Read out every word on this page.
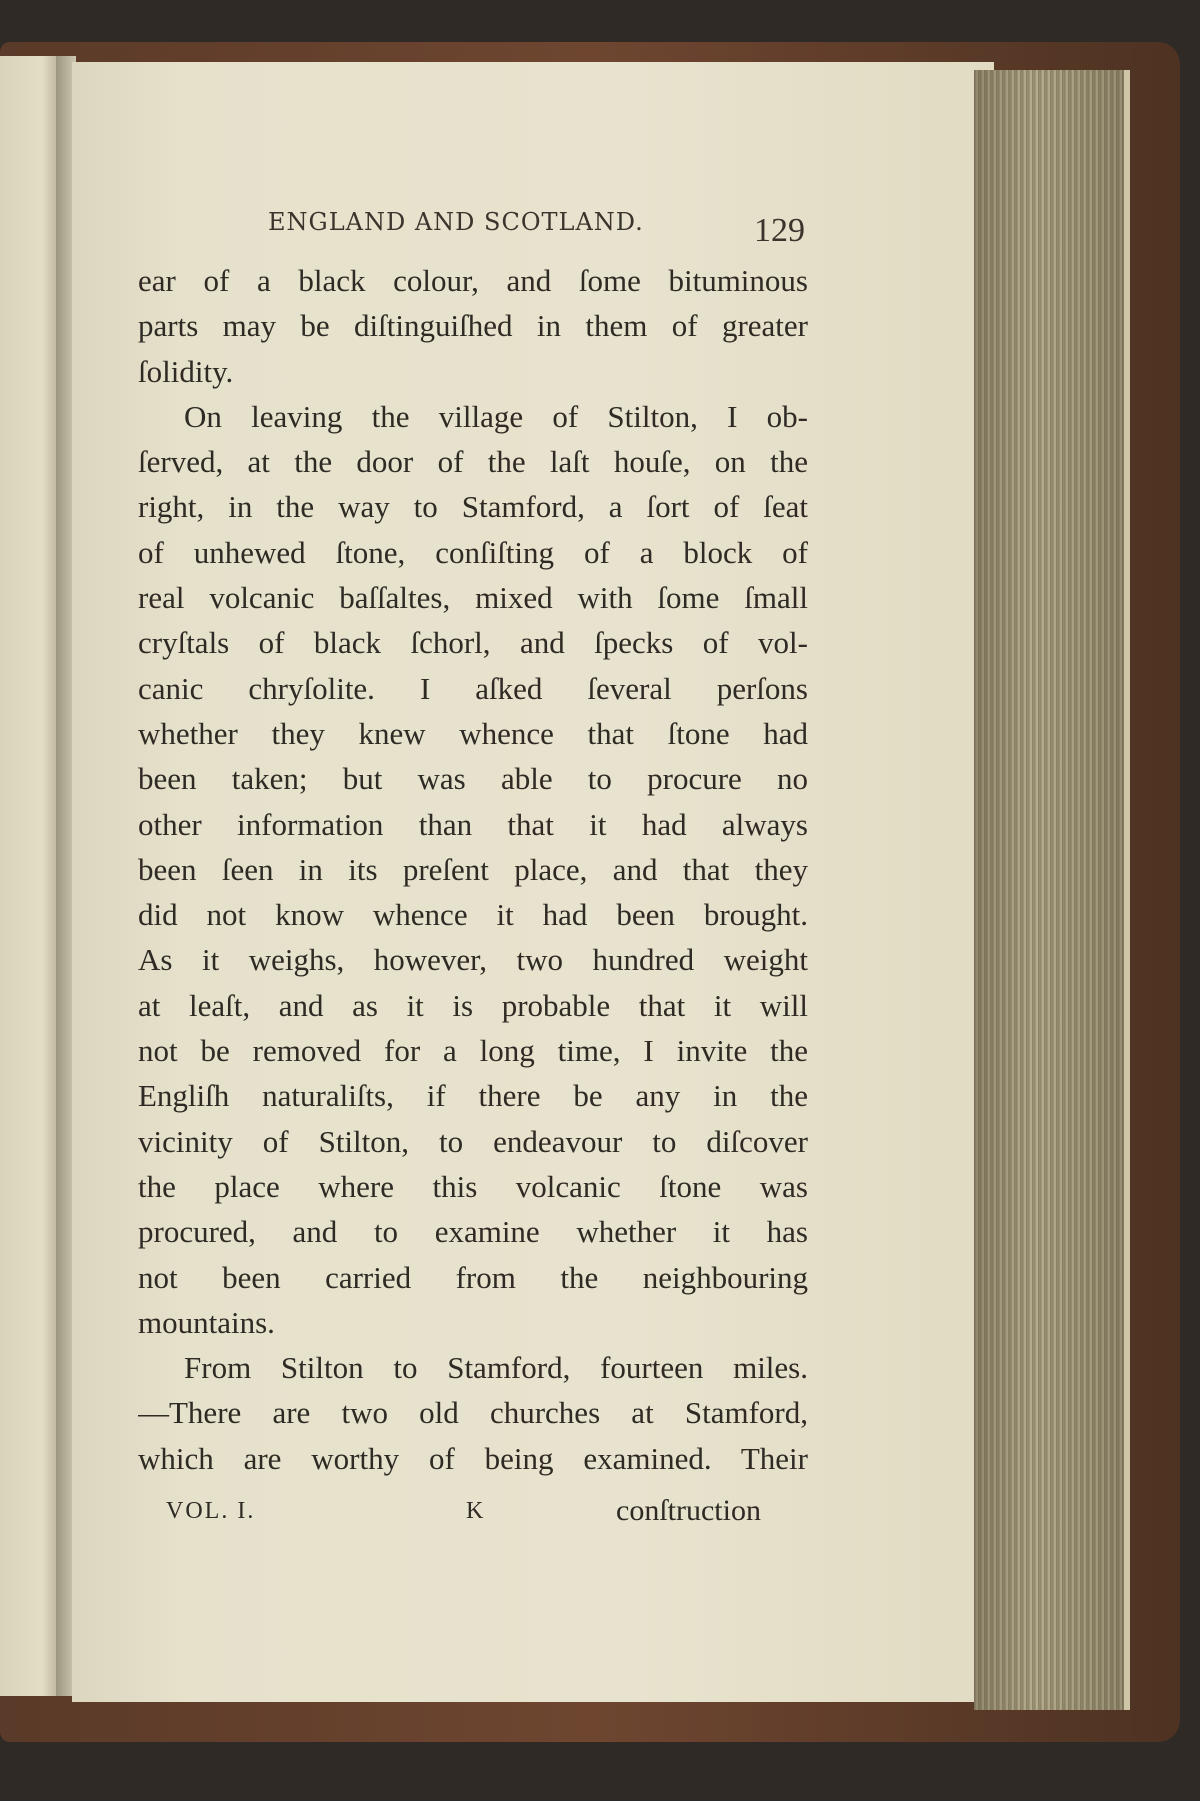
ENGLAND AND SCOTLAND.	129
ear of a black colour, and ſome bituminous
parts may be diſtinguiſhed in them of greater
ſolidity.
On leaving the village of Stilton, I ob-
ſerved, at the door of the laſt houſe, on the
right, in the way to Stamford, a ſort of ſeat
of unhewed ſtone, conſiſting of a block of
real volcanic baſſaltes, mixed with ſome ſmall
cryſtals of black ſchorl, and ſpecks of vol-
canic chryſolite. I aſked ſeveral perſons
whether they knew whence that ſtone had
been taken; but was able to procure no
other information than that it had always
been ſeen in its preſent place, and that they
did not know whence it had been brought.
As it weighs, however, two hundred weight
at leaſt, and as it is probable that it will
not be removed for a long time, I invite the
Engliſh naturaliſts, if there be any in the
vicinity of Stilton, to endeavour to diſcover
the place where this volcanic ſtone was
procured, and to examine whether it has
not been carried from the neighbouring
mountains.
From Stilton to Stamford, fourteen miles.
—There are two old churches at Stamford,
which are worthy of being examined. Their
VOL. I.	K	conſtruction
